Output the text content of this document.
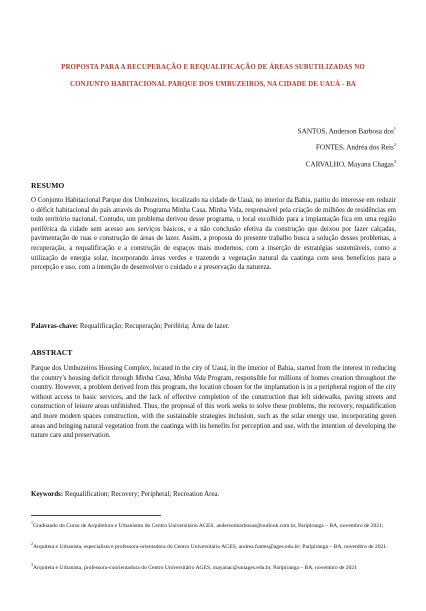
PROPOSTA PARA A RECUPERAÇÃO E REQUALIFICAÇÃO DE ÁREAS SUBUTILIZADAS NO CONJUNTO HABITACIONAL PARQUE DOS UMBUZEIROS, NA CIDADE DE UAUÁ - BA
SANTOS, Anderson Barbosa dos$^1$
FONTES, Andréa dos Reis$^2$
CARVALHO, Mayana Chagas$^3$
RESUMO

O Conjunto Habitacional Parque dos Umbuzeiros, localizado na cidade de Uauá, no interior da Bahia, partiu do interesse em reduzir o déficit habitacional do país através do Programa Minha Casa, Minha Vida, responsável pela criação de milhões de residências em todo território nacional. Contudo, um problema derivou desse programa, o local escolhido para a implantação fica em uma região periférica da cidade sem acesso aos serviços básicos, e a não conclusão efetiva da construção que deixou por fazer calçadas, pavimentação de ruas e construção de áreas de lazer. Assim, a proposta do presente trabalho busca a solução desses problemas, a recuperação, a requalificação e a construção de espaços mais modernos, com a inserção de estratégias sustentáveis, como a utilização de energia solar, incorporando áreas verdes e trazendo a vegetação natural da caatinga com seus benefícios para a percepção e uso, com a intenção de desenvolver o cuidado e a preservação da natureza.

Palavras-chave: Requalificação; Recuperação; Periféria; Área de lazer.
ABSTRACT

Parque dos Umbuzeiros Housing Complex, located in the city of Uauá, in the interior of Bahia, started from the interest in reducing the country's housing deficit through Minha Casa, Minha Vida Program, responsible for millions of homes creation throughout the country. However, a problem derived from this program, the location chosen for the implantation is in a peripheral region of the city without access to basic services, and the lack of effective completion of the construction that left sidewalks, paving streets and construction of leisure areas unfinished. Thus, the proposal of this work seeks to solve these problems, the recovery, requalification and more modern spaces construction, with the sustainable strategies inclusion, such as the solar energy use, incorporating green areas and bringing natural vegetation from the caatinga with its benefits for perception and use, with the intention of developing the nature care and preservation.

Keywords: Requalification; Recovery; Peripheral; Recreation Area.

$^1$Graduando do Curso de Arquitetura e Urbanismo do Centro Universitário AGES, andersonbarbosas@outlook.com.br, Paripiranga – BA, novembro de 2021;

$^2$Arquiteta e Urbanista, especialista e professora-orientadora do Centro Universitário AGES, andrea.fontes@ages.edu.br; Paripiranga – BA, novembro de 2021.

$^3$Arquiteta e Urbanista, professora-coorientadora do Centro Universitário AGES, mayanac@uniages.edu.br, Paripiranga – BA, novembro de 2021
